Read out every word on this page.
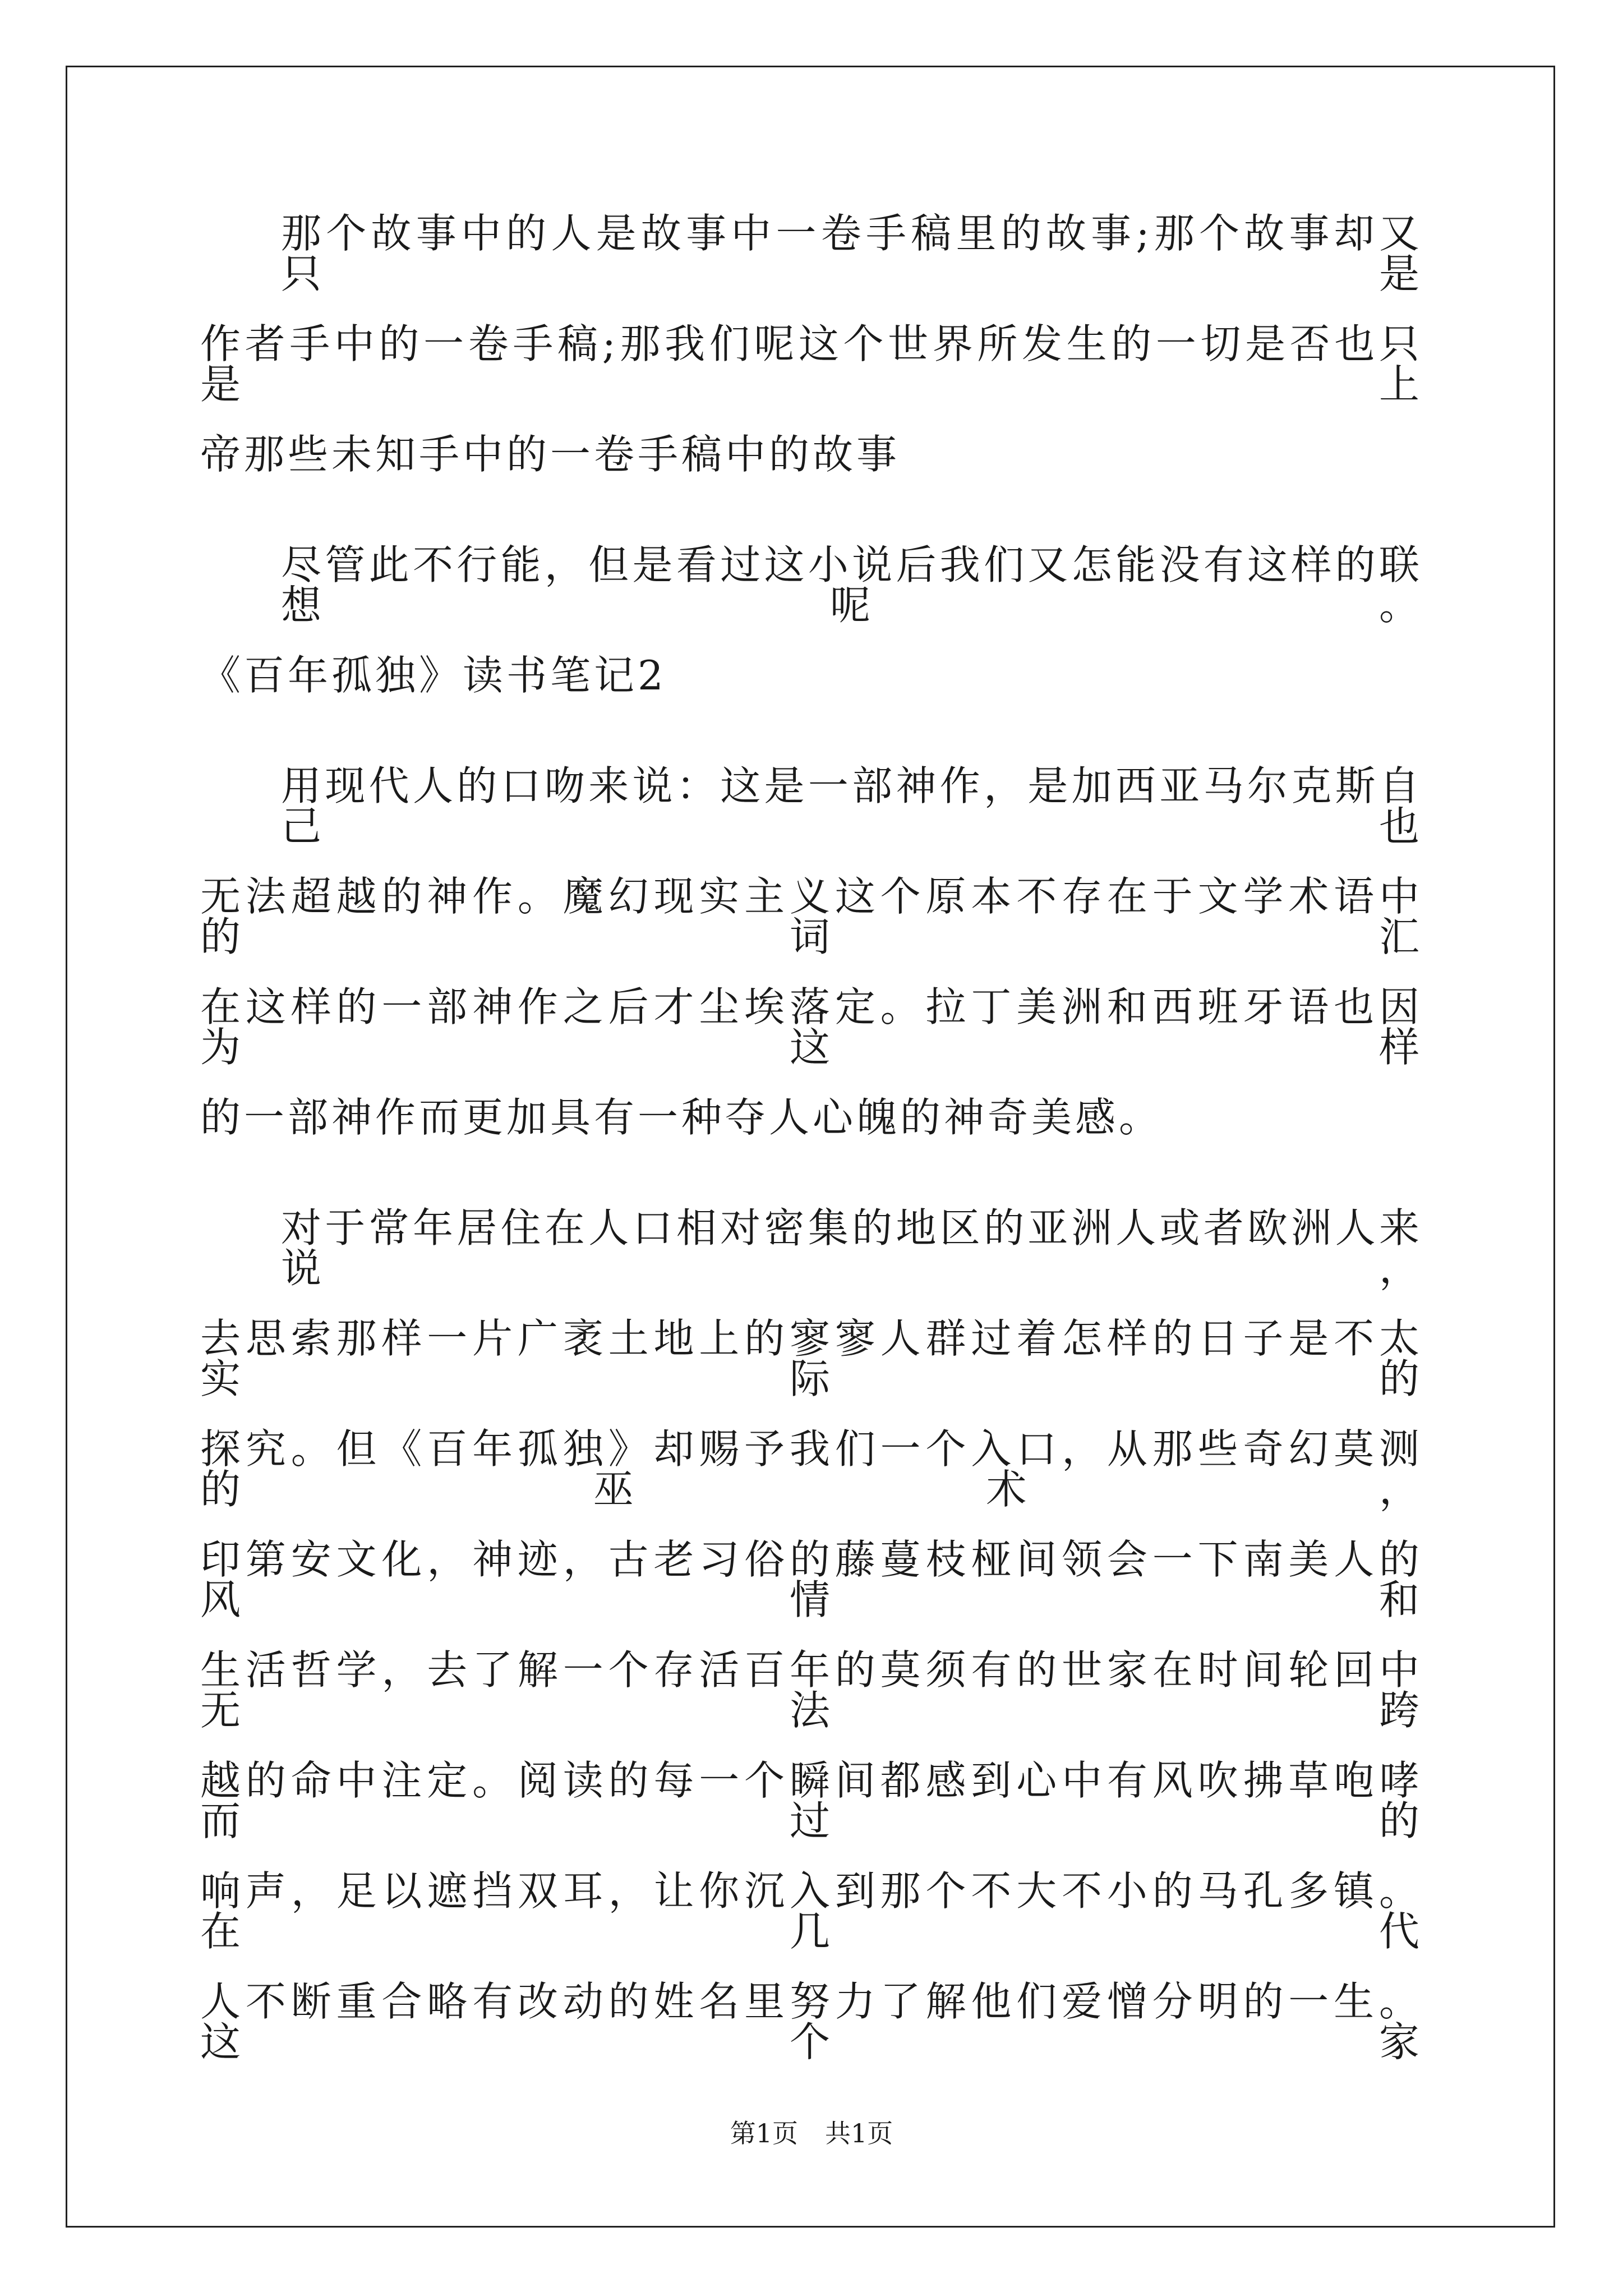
那个故事中的人是故事中一卷手稿里的故事;那个故事却又只是
作者手中的一卷手稿;那我们呢这个世界所发生的一切是否也只是上
帝那些未知手中的一卷手稿中的故事
尽管此不行能，但是看过这小说后我们又怎能没有这样的联想呢。
《百年孤独》读书笔记2
用现代人的口吻来说：这是一部神作，是加西亚马尔克斯自己也
无法超越的神作。魔幻现实主义这个原本不存在于文学术语中的词汇
在这样的一部神作之后才尘埃落定。拉丁美洲和西班牙语也因为这样
的一部神作而更加具有一种夺人心魄的神奇美感。
对于常年居住在人口相对密集的地区的亚洲人或者欧洲人来说，
去思索那样一片广袤土地上的寥寥人群过着怎样的日子是不太实际的
探究。但《百年孤独》却赐予我们一个入口，从那些奇幻莫测的巫术，
印第安文化，神迹，古老习俗的藤蔓枝桠间领会一下南美人的风情和
生活哲学，去了解一个存活百年的莫须有的世家在时间轮回中无法跨
越的命中注定。阅读的每一个瞬间都感到心中有风吹拂草咆哮而过的
响声，足以遮挡双耳，让你沉入到那个不大不小的马孔多镇。在几代
人不断重合略有改动的姓名里努力了解他们爱憎分明的一生。这个家
第1页 共1页
